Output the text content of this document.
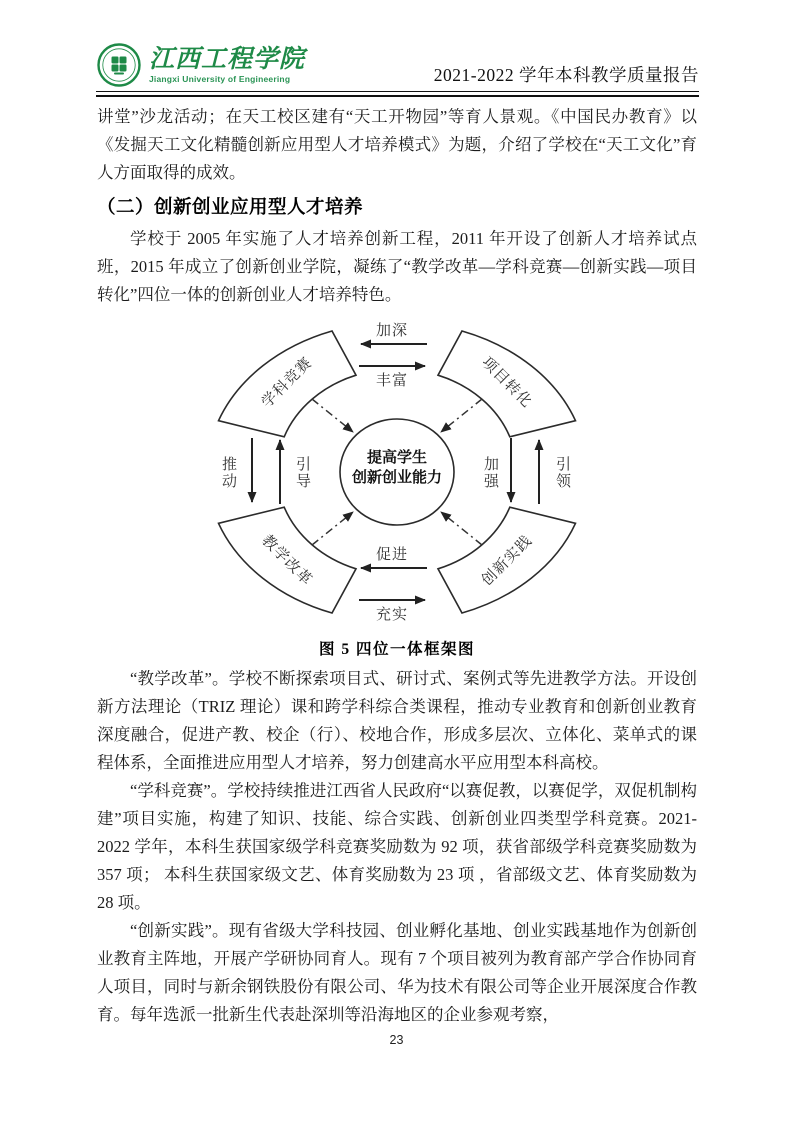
江西工程学院
Jiangxi University of Engineering	2021-2022 学年本科教学质量报告

讲堂”沙龙活动；在天工校区建有“天工开物园”等育人景观。《中国民办教育》以《发掘天工文化精髓创新应用型人才培养模式》为题，介绍了学校在“天工文化”育人方面取得的成效。

（二）创新创业应用型人才培养

学校于 2005 年实施了人才培养创新工程，2011 年开设了创新人才培养试点班，2015 年成立了创新创业学院，凝练了“教学改革—学科竞赛—创新实践—项目转化”四位一体的创新创业人才培养特色。

学科竞赛	项目转化
教学改革	创新实践
加深
丰富
促进
充实
推动	引导	加强	引领
提高学生
创新创业能力
图 5 四位一体框架图

“教学改革”。学校不断探索项目式、研讨式、案例式等先进教学方法。开设创新方法理论（TRIZ 理论）课和跨学科综合类课程，推动专业教育和创新创业教育深度融合，促进产教、校企（行）、校地合作，形成多层次、立体化、菜单式的课程体系，全面推进应用型人才培养，努力创建高水平应用型本科高校。

“学科竞赛”。学校持续推进江西省人民政府“以赛促教，以赛促学，双促机制构建”项目实施，构建了知识、技能、综合实践、创新创业四类型学科竞赛。2021-2022 学年，本科生获国家级学科竞赛奖励数为 92 项，获省部级学科竞赛奖励数为 357 项； 本科生获国家级文艺、体育奖励数为 23 项 ，省部级文艺、体育奖励数为 28 项。

“创新实践”。现有省级大学科技园、创业孵化基地、创业实践基地作为创新创业教育主阵地，开展产学研协同育人。现有 7 个项目被列为教育部产学合作协同育人项目，同时与新余钢铁股份有限公司、华为技术有限公司等企业开展深度合作教育。每年选派一批新生代表赴深圳等沿海地区的企业参观考察，

23
